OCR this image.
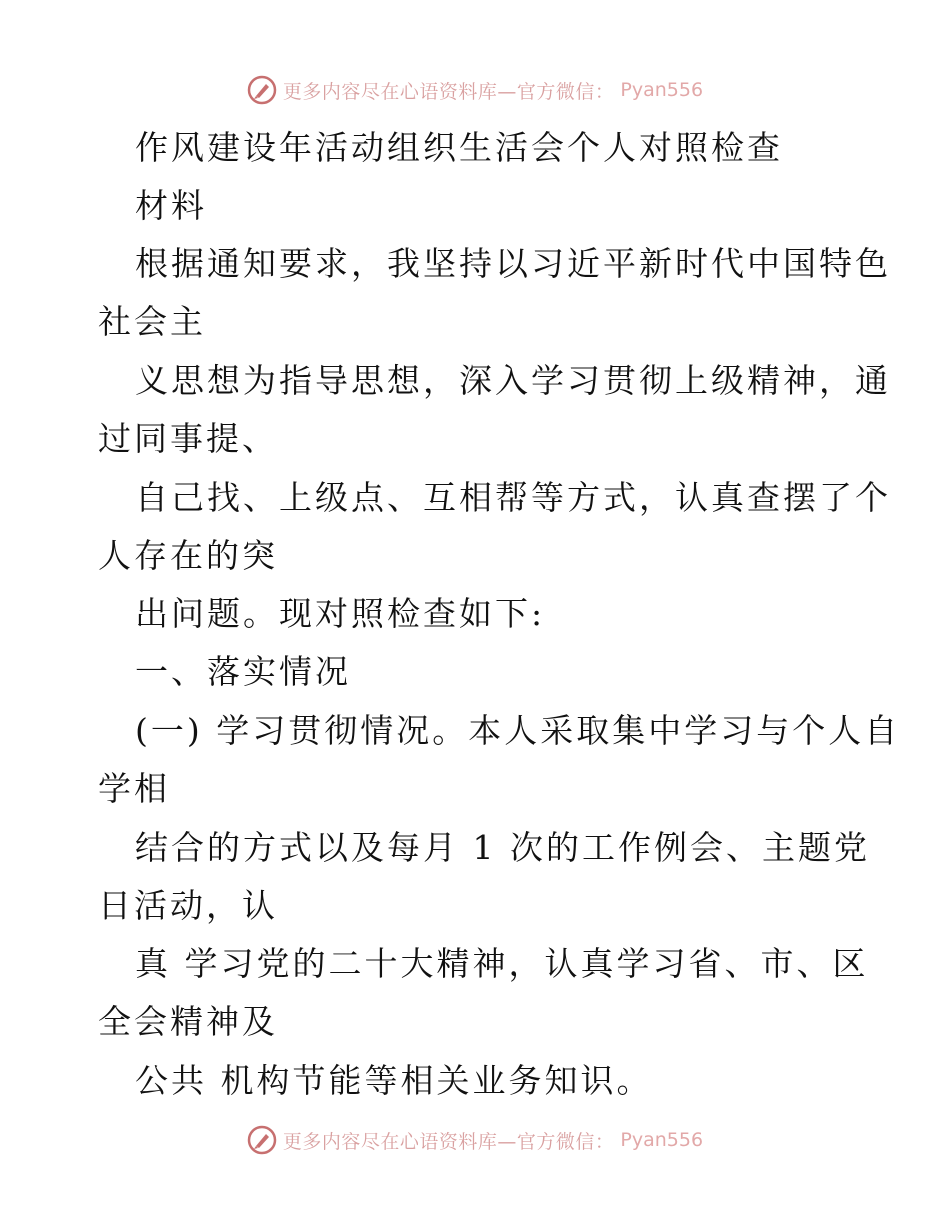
更多内容尽在心语资料库—官方微信： Pyan556
作风建设年活动组织生活会个人对照检查
材料
根据通知要求，我坚持以习近平新时代中国特色
社会主
义思想为指导思想，深入学习贯彻上级精神，通
过同事提、
自己找、上级点、互相帮等方式，认真查摆了个
人存在的突
出问题。现对照检查如下:
一、落实情况
(一) 学习贯彻情况。本人采取集中学习与个人自
学相
结合的方式以及每月 1 次的工作例会、主题党
日活动，认
真 学习党的二十大精神，认真学习省、市、区
全会精神及
公共 机构节能等相关业务知识。
更多内容尽在心语资料库—官方微信： Pyan556
